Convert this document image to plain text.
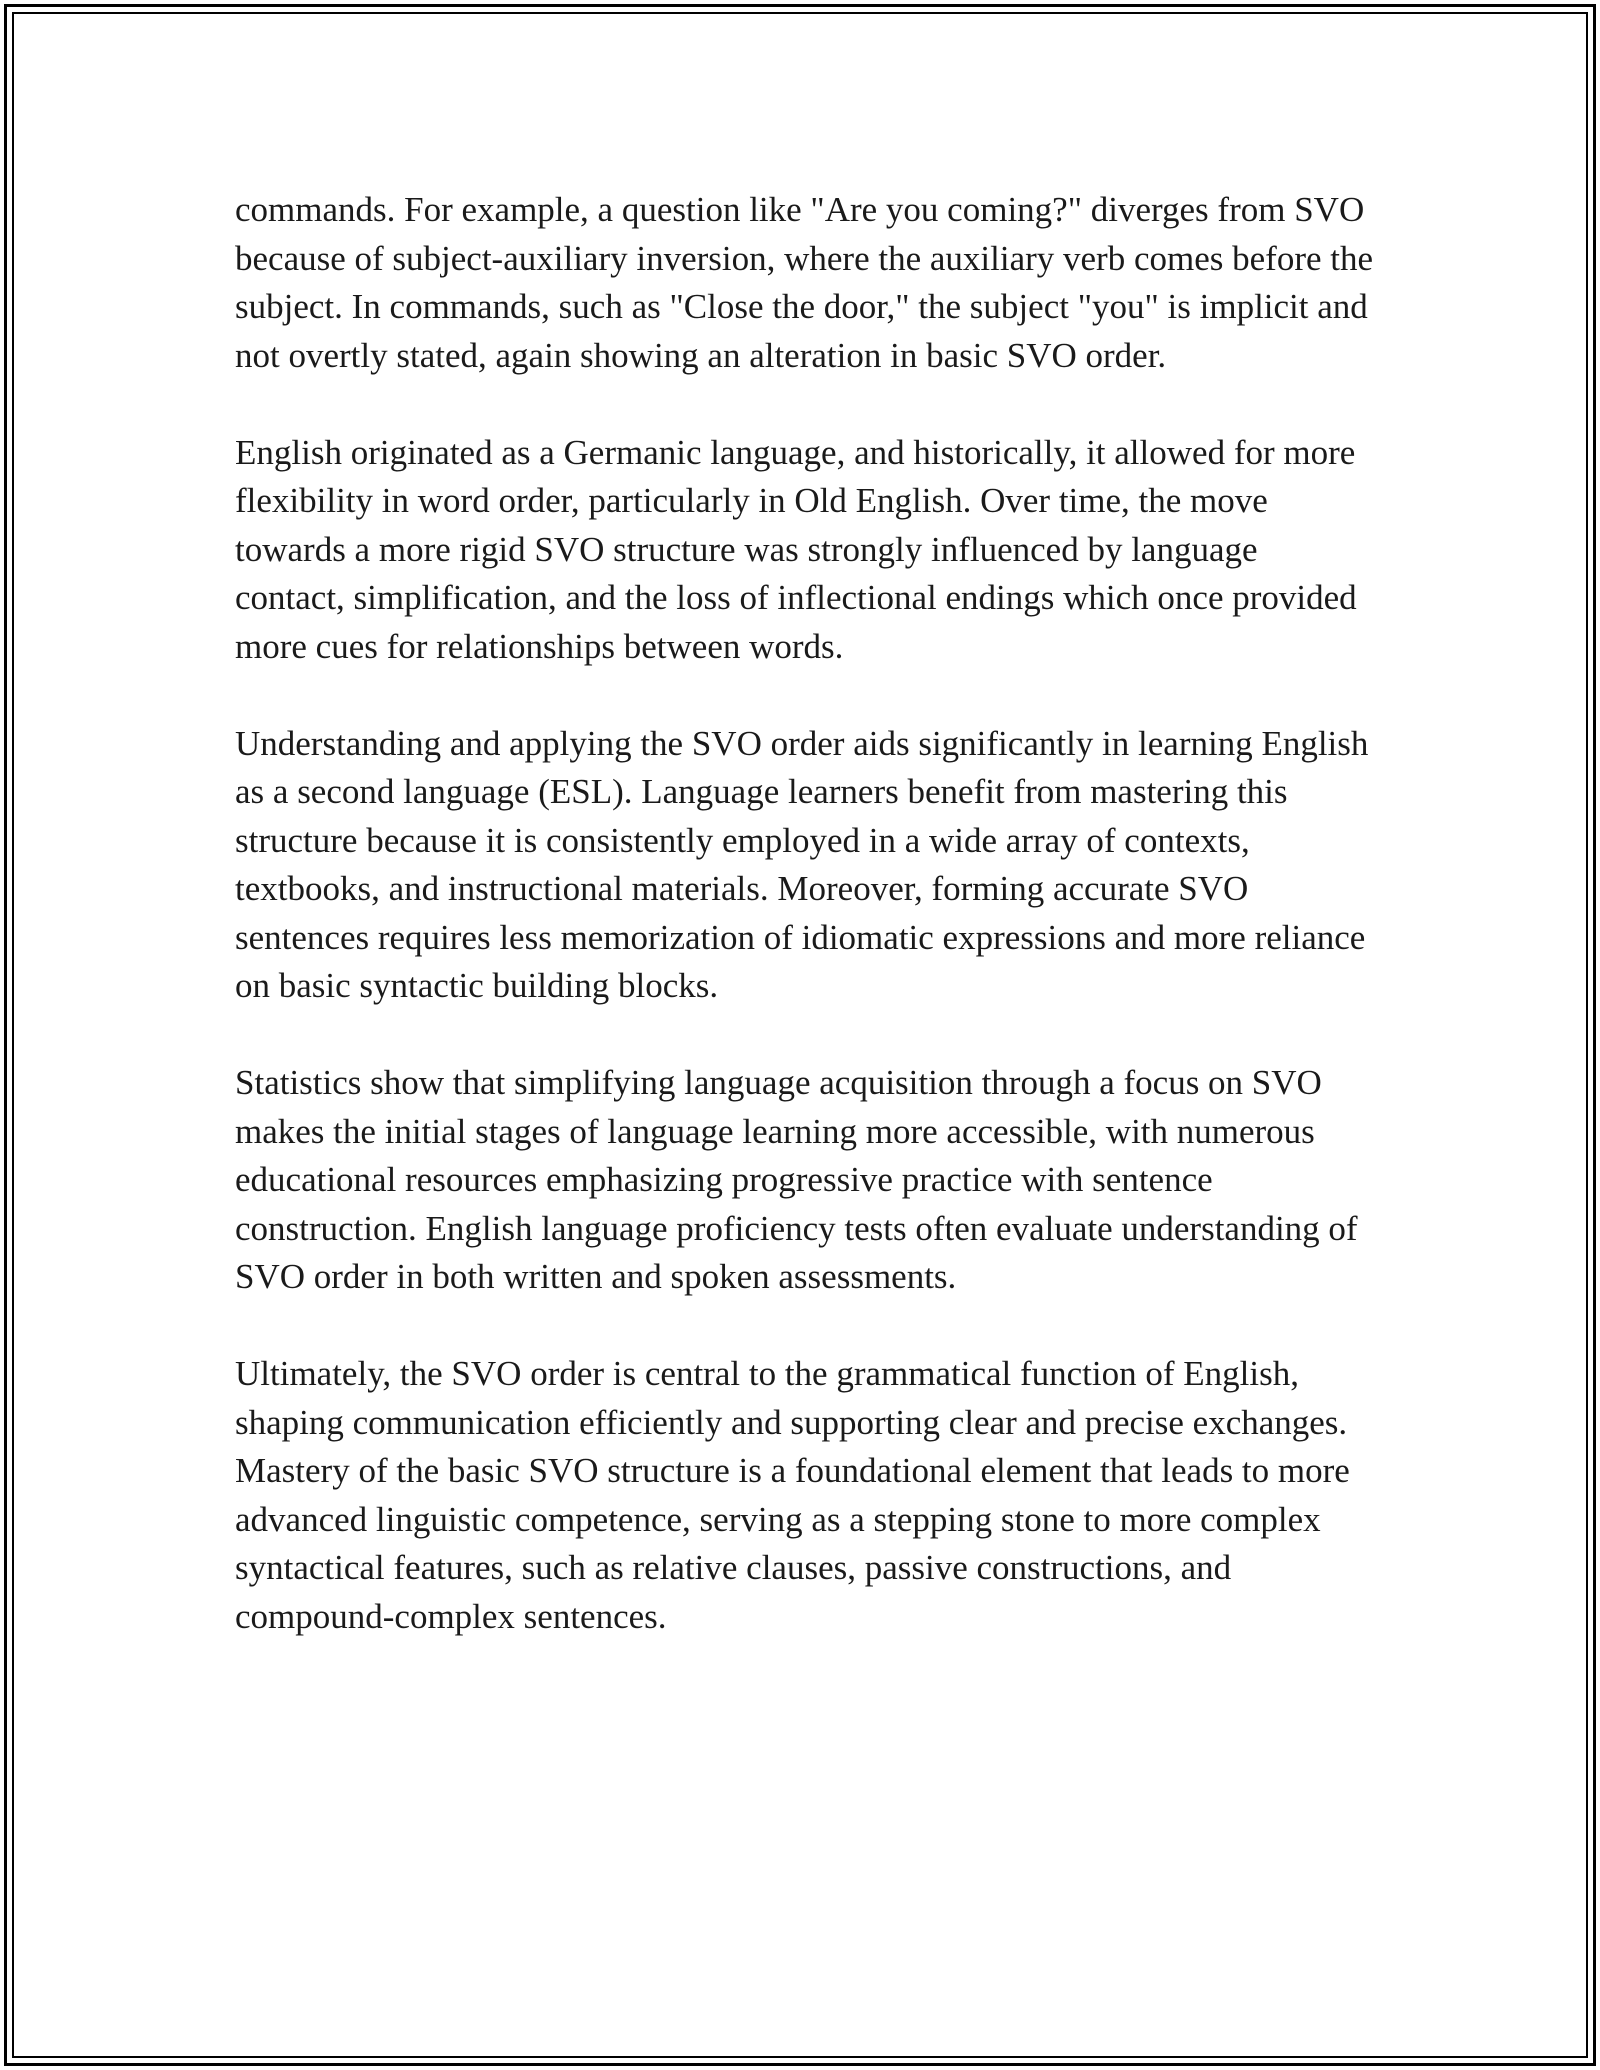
commands. For example, a question like "Are you coming?" diverges from SVO because of subject-auxiliary inversion, where the auxiliary verb comes before the subject. In commands, such as "Close the door," the subject "you" is implicit and not overtly stated, again showing an alteration in basic SVO order.

English originated as a Germanic language, and historically, it allowed for more flexibility in word order, particularly in Old English. Over time, the move towards a more rigid SVO structure was strongly influenced by language contact, simplification, and the loss of inflectional endings which once provided more cues for relationships between words.

Understanding and applying the SVO order aids significantly in learning English as a second language (ESL). Language learners benefit from mastering this structure because it is consistently employed in a wide array of contexts, textbooks, and instructional materials. Moreover, forming accurate SVO sentences requires less memorization of idiomatic expressions and more reliance on basic syntactic building blocks.

Statistics show that simplifying language acquisition through a focus on SVO makes the initial stages of language learning more accessible, with numerous educational resources emphasizing progressive practice with sentence construction. English language proficiency tests often evaluate understanding of SVO order in both written and spoken assessments.

Ultimately, the SVO order is central to the grammatical function of English, shaping communication efficiently and supporting clear and precise exchanges. Mastery of the basic SVO structure is a foundational element that leads to more advanced linguistic competence, serving as a stepping stone to more complex syntactical features, such as relative clauses, passive constructions, and compound-complex sentences.
